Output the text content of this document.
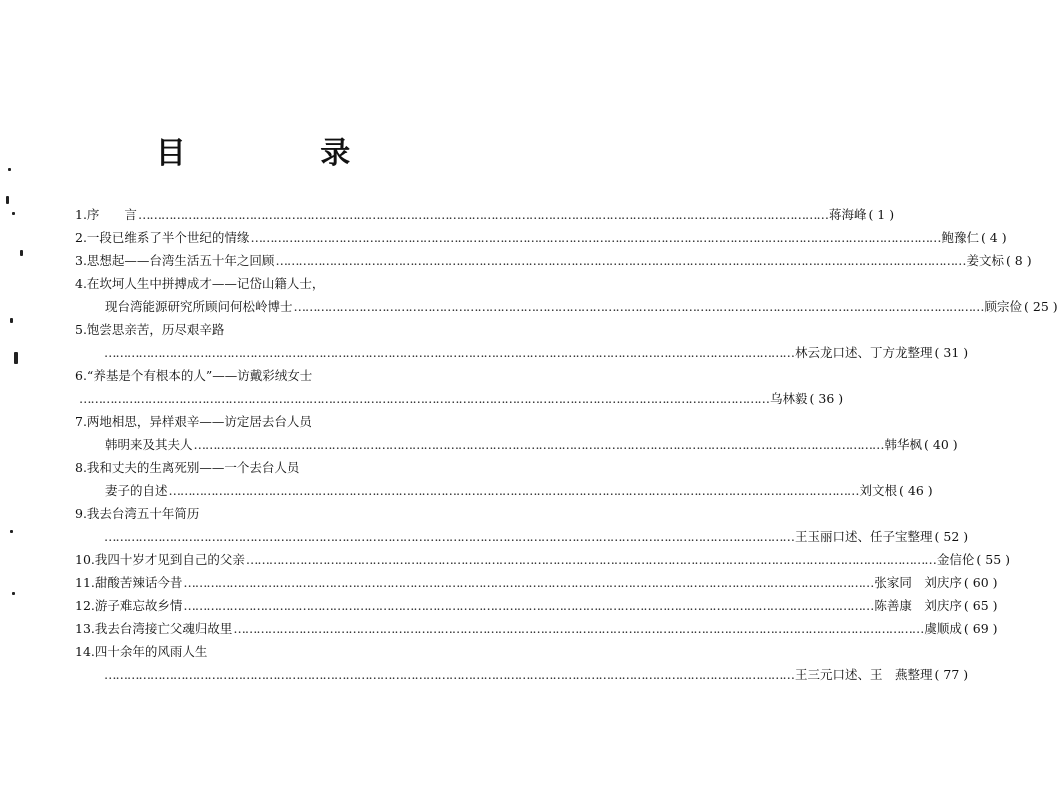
目 录
1.序　　言 ……………………………………………………………………………………………………………………………………………………………… 蒋海峰 ( 1 )
2.一段已维系了半个世纪的情缘 ……………………………………………………………………………………………………………………………………………………………… 鲍豫仁 ( 4 )
3.思想起——台湾生活五十年之回顾 ……………………………………………………………………………………………………………………………………………………………… 姜文标 ( 8 )
4.在坎坷人生中拼搏成才——记岱山籍人士，
现台湾能源研究所顾问何松岭博士 ……………………………………………………………………………………………………………………………………………………………… 顾宗俭 ( 25 )
5.饱尝思亲苦，历尽艰辛路
……………………………………………………………………………………………………………………………………………………………… 林云龙口述、丁方龙整理 ( 31 )
6.“养基是个有根本的人”——访戴彩绒女士
……………………………………………………………………………………………………………………………………………………………… 乌林毅 ( 36 )
7.两地相思，异样艰辛——访定居去台人员
韩明来及其夫人 ……………………………………………………………………………………………………………………………………………………………… 韩华枫 ( 40 )
8.我和丈夫的生离死别——一个去台人员
妻子的自述 ……………………………………………………………………………………………………………………………………………………………… 刘文根 ( 46 )
9.我去台湾五十年简历
……………………………………………………………………………………………………………………………………………………………… 王玉丽口述、任子宝整理 ( 52 )
10.我四十岁才见到自己的父亲 ……………………………………………………………………………………………………………………………………………………………… 金信伦 ( 55 )
11.甜酸苦辣话今昔 ……………………………………………………………………………………………………………………………………………………………… 张家同　刘庆序 ( 60 )
12.游子难忘故乡情 ……………………………………………………………………………………………………………………………………………………………… 陈善康　刘庆序 ( 65 )
13.我去台湾接亡父魂归故里 ……………………………………………………………………………………………………………………………………………………………… 虞顺成 ( 69 )
14.四十余年的风雨人生
……………………………………………………………………………………………………………………………………………………………… 王三元口述、王　燕整理 ( 77 )
